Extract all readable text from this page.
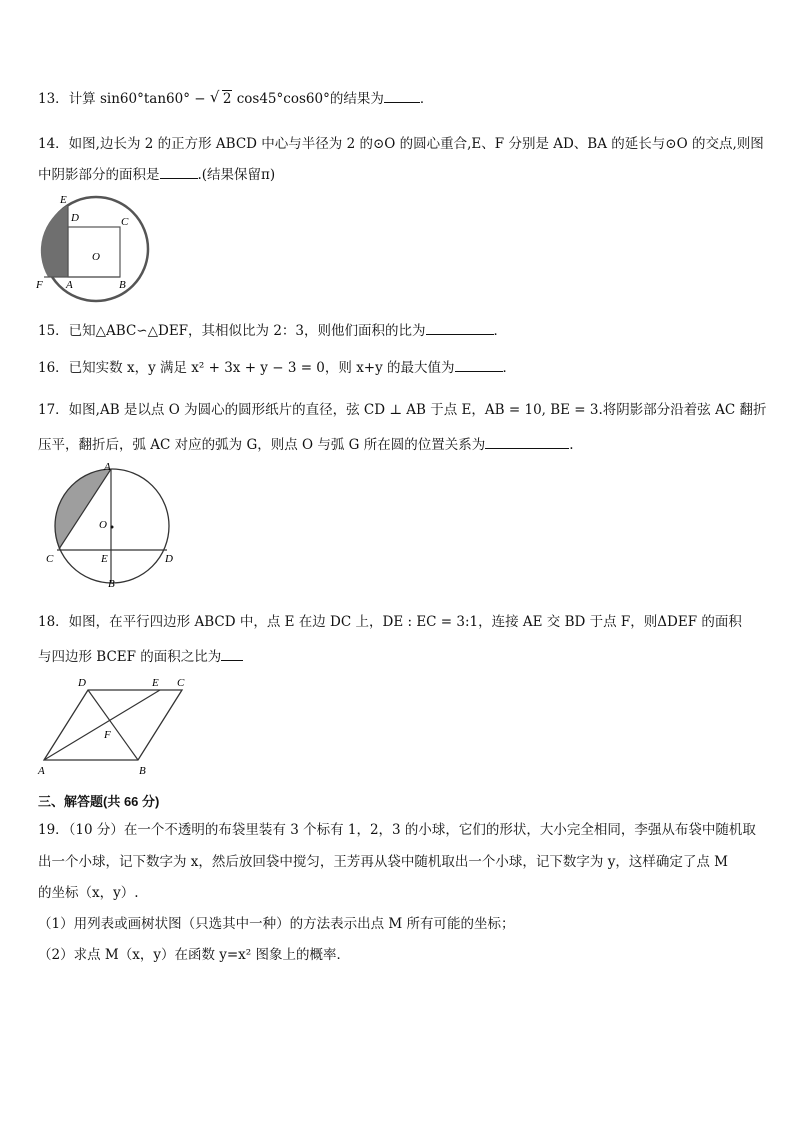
13．计算 sin60°tan60° − √ 2 cos45°cos60°的结果为	．
14．如图,边长为 2 的正方形 ABCD 中心与半径为 2 的⊙O 的圆心重合,E、F 分别是 AD、BA 的延长与⊙O 的交点,则图
中阴影部分的面积是	.(结果保留π)
E
D	C
O
F A	B
15．已知△ABC∽△DEF，其相似比为 2：3，则他们面积的比为	．
16．已知实数 x，y 满足 x² + 3x + y − 3 = 0，则 x+y 的最大值为	．
17．如图,AB 是以点 O 为圆心的圆形纸片的直径，弦 CD ⊥ AB 于点 E，AB = 10, BE = 3.将阴影部分沿着弦 AC 翻折
压平，翻折后，弧 AC 对应的弧为 G，则点 O 与弧 G 所在圆的位置关系为	.
A
O
C	E	D
B
18．如图，在平行四边形 ABCD 中，点 E 在边 DC 上，DE : EC = 3:1，连接 AE 交 BD 于点 F，则ΔDEF 的面积
与四边形 BCEF 的面积之比为
D	E C
F
A	B
三、解答题(共 66 分)
19．（10 分）在一个不透明的布袋里装有 3 个标有 1，2，3 的小球，它们的形状，大小完全相同，李强从布袋中随机取
出一个小球，记下数字为 x，然后放回袋中搅匀，王芳再从袋中随机取出一个小球，记下数字为 y，这样确定了点 M
的坐标（x，y）.
（1）用列表或画树状图（只选其中一种）的方法表示出点 M 所有可能的坐标；
（2）求点 M（x，y）在函数 y=x² 图象上的概率．
